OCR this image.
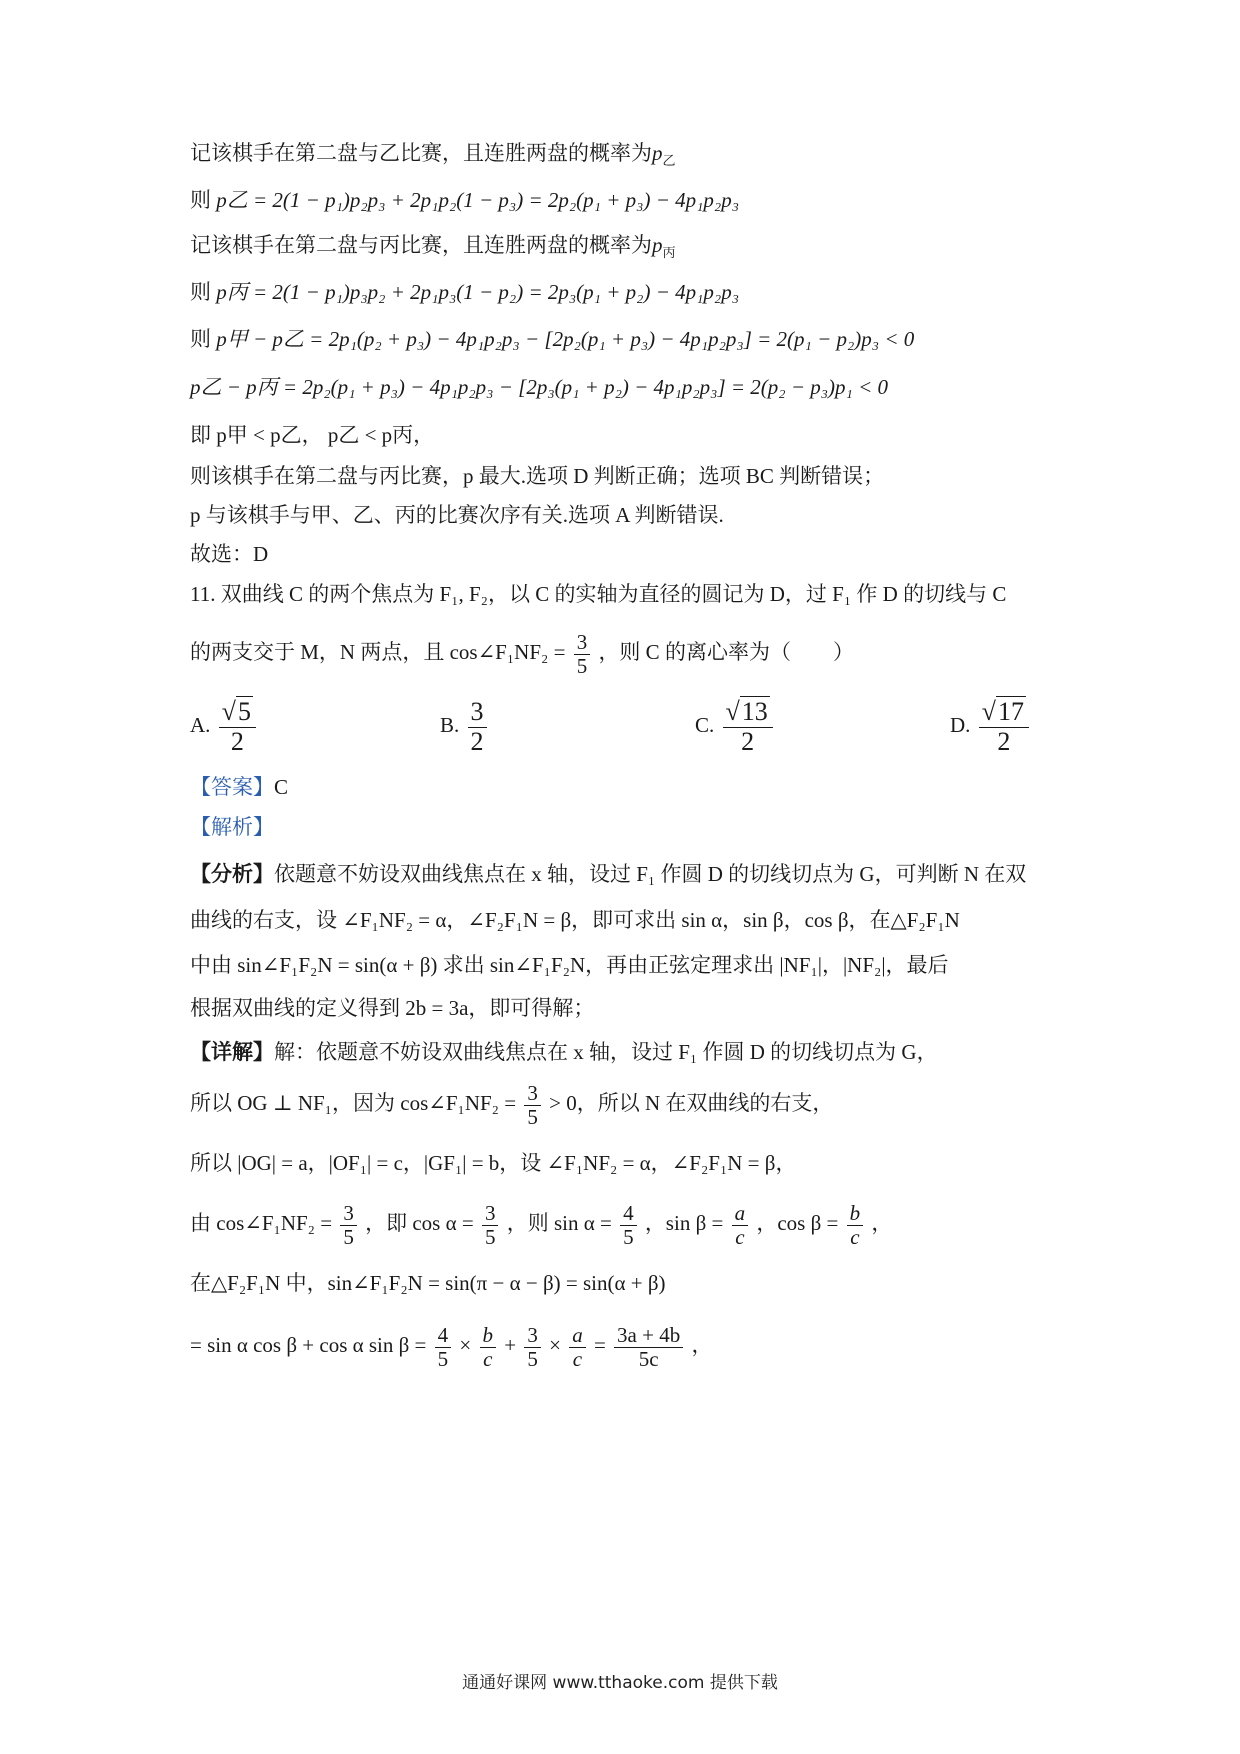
记该棋手在第二盘与乙比赛，且连胜两盘的概率为$p_乙$
则 p乙 = 2(1 − p₁)p₂p₃ + 2p₁p₂(1 − p₃) = 2p₂(p₁ + p₃) − 4p₁p₂p₃
记该棋手在第二盘与丙比赛，且连胜两盘的概率为$p_丙$
则 p丙 = 2(1 − p₁)p₃p₂ + 2p₁p₃(1 − p₂) = 2p₃(p₁ + p₂) − 4p₁p₂p₃
则 p甲 − p乙 = 2p₁(p₂ + p₃) − 4p₁p₂p₃ − [2p₂(p₁ + p₃) − 4p₁p₂p₃] = 2(p₁ − p₂)p₃ < 0
p乙 − p丙 = 2p₂(p₁ + p₃) − 4p₁p₂p₃ − [2p₃(p₁ + p₂) − 4p₁p₂p₃] = 2(p₂ − p₃)p₁ < 0
即 p甲 < p乙， p乙 < p丙，
则该棋手在第二盘与丙比赛，p 最大.选项 D 判断正确；选项 BC 判断错误；
p 与该棋手与甲、乙、丙的比赛次序有关.选项 A 判断错误.
故选：D
11. 双曲线 C 的两个焦点为 F₁, F₂，以 C 的实轴为直径的圆记为 D，过 F₁ 作 D 的切线与 C
的两支交于 M，N 两点，且 cos∠F₁NF₂ = $\frac{3}{5}$ ，则 C 的离心率为（　　）
A. $\frac{√5}{2}$	B. $\frac{3}{2}$	C. $\frac{√13}{2}$	D. $\frac{√17}{2}$
【答案】C
【解析】
【分析】依题意不妨设双曲线焦点在 x 轴，设过 F₁ 作圆 D 的切线切点为 G，可判断 N 在双
曲线的右支，设 ∠F₁NF₂ = α，∠F₂F₁N = β，即可求出 sin α，sin β，cos β，在△F₂F₁N
中由 sin∠F₁F₂N = sin(α + β) 求出 sin∠F₁F₂N，再由正弦定理求出 |NF₁|，|NF₂|，最后
根据双曲线的定义得到 2b = 3a，即可得解；
【详解】解：依题意不妨设双曲线焦点在 x 轴，设过 F₁ 作圆 D 的切线切点为 G，
所以 OG ⊥ NF₁，因为 cos∠F₁NF₂ = $\frac{3}{5} > 0$，所以 N 在双曲线的右支，
所以 |OG| = a，|OF₁| = c，|GF₁| = b，设 ∠F₁NF₂ = α，∠F₂F₁N = β，
由 cos∠F₁NF₂ = $\frac{3}{5}$ ，即 $\cos \alpha = \frac{3}{5}$ ，则 $\sin \alpha = \frac{4}{5}$ ，$\sin \beta = \frac{a}{c}$ ，$\cos \beta = \frac{b}{c}$ ，
在△F₂F₁N 中，sin∠F₁F₂N = sin(π − α − β) = sin(α + β)
= sin α cos β + cos α $\sin \beta = \frac{4}{5} \times \frac{b}{c} + \frac{3}{5} \times \frac{a}{c} = \frac{3a + 4b}{5c}$ ，
通通好课网 www.tthaoke.com 提供下载
